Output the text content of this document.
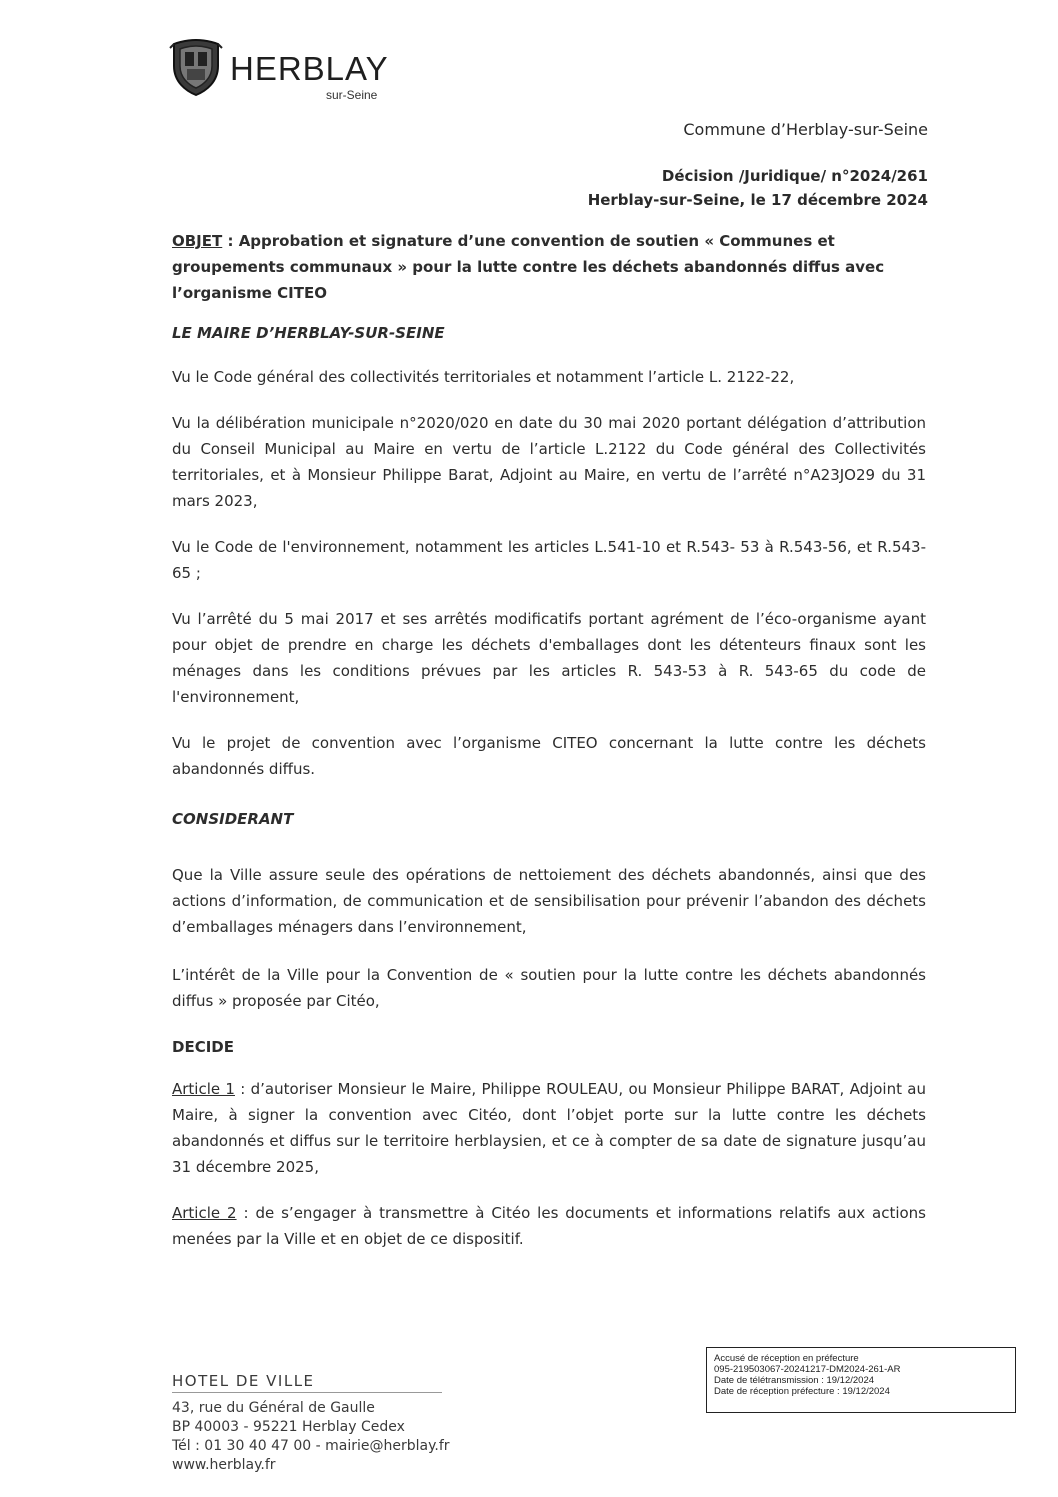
HERBLAY
sur-Seine
Commune d’Herblay-sur-Seine
Décision /Juridique/ n°2024/261
Herblay-sur-Seine, le 17 décembre 2024

OBJET : Approbation et signature d’une convention de soutien « Communes et groupements communaux » pour la lutte contre les déchets abandonnés diffus avec l’organisme CITEO

LE MAIRE D’HERBLAY-SUR-SEINE

Vu le Code général des collectivités territoriales et notamment l’article L. 2122-22,

Vu la délibération municipale n°2020/020 en date du 30 mai 2020 portant délégation d’attribution du Conseil Municipal au Maire en vertu de l’article L.2122 du Code général des Collectivités territoriales, et à Monsieur Philippe Barat, Adjoint au Maire, en vertu de l’arrêté n°A23JO29 du 31 mars 2023,

Vu le Code de l'environnement, notamment les articles L.541-10 et R.543- 53 à R.543-56, et R.543-65 ;

Vu l’arrêté du 5 mai 2017 et ses arrêtés modificatifs portant agrément de l’éco-organisme ayant pour objet de prendre en charge les déchets d'emballages dont les détenteurs finaux sont les ménages dans les conditions prévues par les articles R. 543-53 à R. 543-65 du code de l'environnement,

Vu le projet de convention avec l’organisme CITEO concernant la lutte contre les déchets abandonnés diffus.

CONSIDERANT

Que la Ville assure seule des opérations de nettoiement des déchets abandonnés, ainsi que des actions d’information, de communication et de sensibilisation pour prévenir l’abandon des déchets d’emballages ménagers dans l’environnement,

L’intérêt de la Ville pour la Convention de « soutien pour la lutte contre les déchets abandonnés diffus » proposée par Citéo,

DECIDE

Article 1 : d’autoriser Monsieur le Maire, Philippe ROULEAU, ou Monsieur Philippe BARAT, Adjoint au Maire, à signer la convention avec Citéo, dont l’objet porte sur la lutte contre les déchets abandonnés et diffus sur le territoire herblaysien, et ce à compter de sa date de signature jusqu’au 31 décembre 2025,

Article 2 : de s’engager à transmettre à Citéo les documents et informations relatifs aux actions menées par la Ville et en objet de ce dispositif.

HOTEL DE VILLE
43, rue du Général de Gaulle
BP 40003 - 95221 Herblay Cedex
Tél : 01 30 40 47 00 - mairie@herblay.fr
www.herblay.fr
Accusé de réception en préfecture
095-219503067-20241217-DM2024-261-AR
Date de télétransmission : 19/12/2024
Date de réception préfecture : 19/12/2024
